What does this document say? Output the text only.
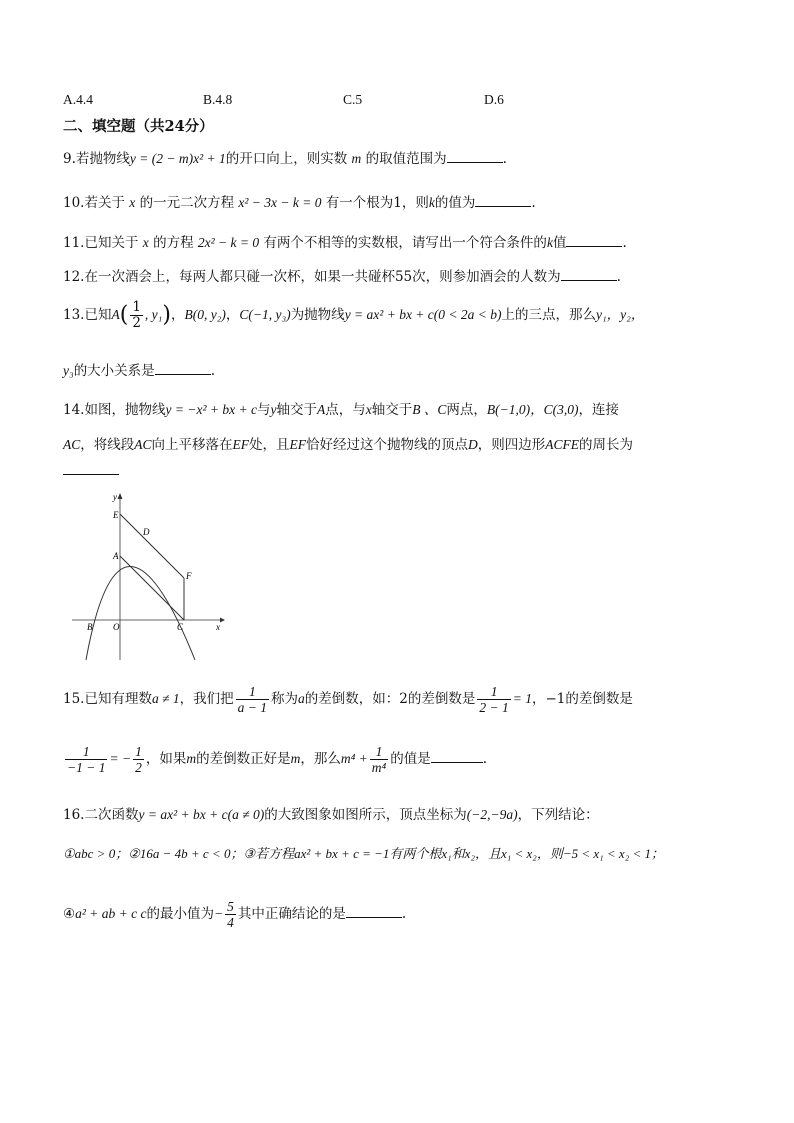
A.4.4	B.4.8	C.5	D.6
二、填空题（共24分）
9.若抛物线y = (2 − m)x² + 1的开口向上，则实数 m 的取值范围为	.
10.若关于 x 的一元二次方程 x² − 3x − k = 0 有一个根为1，则k的值为	.
11.已知关于 x 的方程 2x² − k = 0 有两个不相等的实数根，请写出一个符合条件的k值	.
12.在一次酒会上，每两人都只碰一次杯，如果一共碰杯55次，则参加酒会的人数为	.
13.已知$A( \frac{1}{2}$ , y₁)，B(0, y₂)，C(−1, y₃)为抛物线y = ax² + bx + c(0 < 2a < b)上的三点，那么y₁，y₂，
y₃的大小关系是	.
14.如图，抛物线y = −x² + bx + c与y轴交于A点，与x轴交于B 、C两点，B(−1,0)，C(3,0)，连接
AC，将线段AC向上平移落在EF处，且EF恰好经过这个抛物线的顶点D，则四边形ACFE的周长为
y
x
E
D
A
F
B O	C
15.已知有理数a ≠ 1，我们把 $\frac{1}{a - 1}$ 称为a的差倒数，如：2的差倒数是 $\frac{1}{2 - 1} = 1$，−1的差倒数是
$\frac{1}{-1 - 1}$ = − $\frac{1}{2}$ ，如果m的差倒数正好是m，那么$m^4 + \frac{1}{\text{m⁴}}$ 的值是	.
16.二次函数y = ax² + bx + c(a ≠ 0)的大致图象如图所示，顶点坐标为(−2,−9a)，下列结论：
①abc > 0；②16a − 4b + c < 0；③若方程ax² + bx + c = −1有两个根x₁和x₂，且x₁ < x₂，则−5 < x₁ < x₂ < 1；
④a² + ab + c c的最小值为− $\frac{5}{4}$ 其中正确结论的是	.
